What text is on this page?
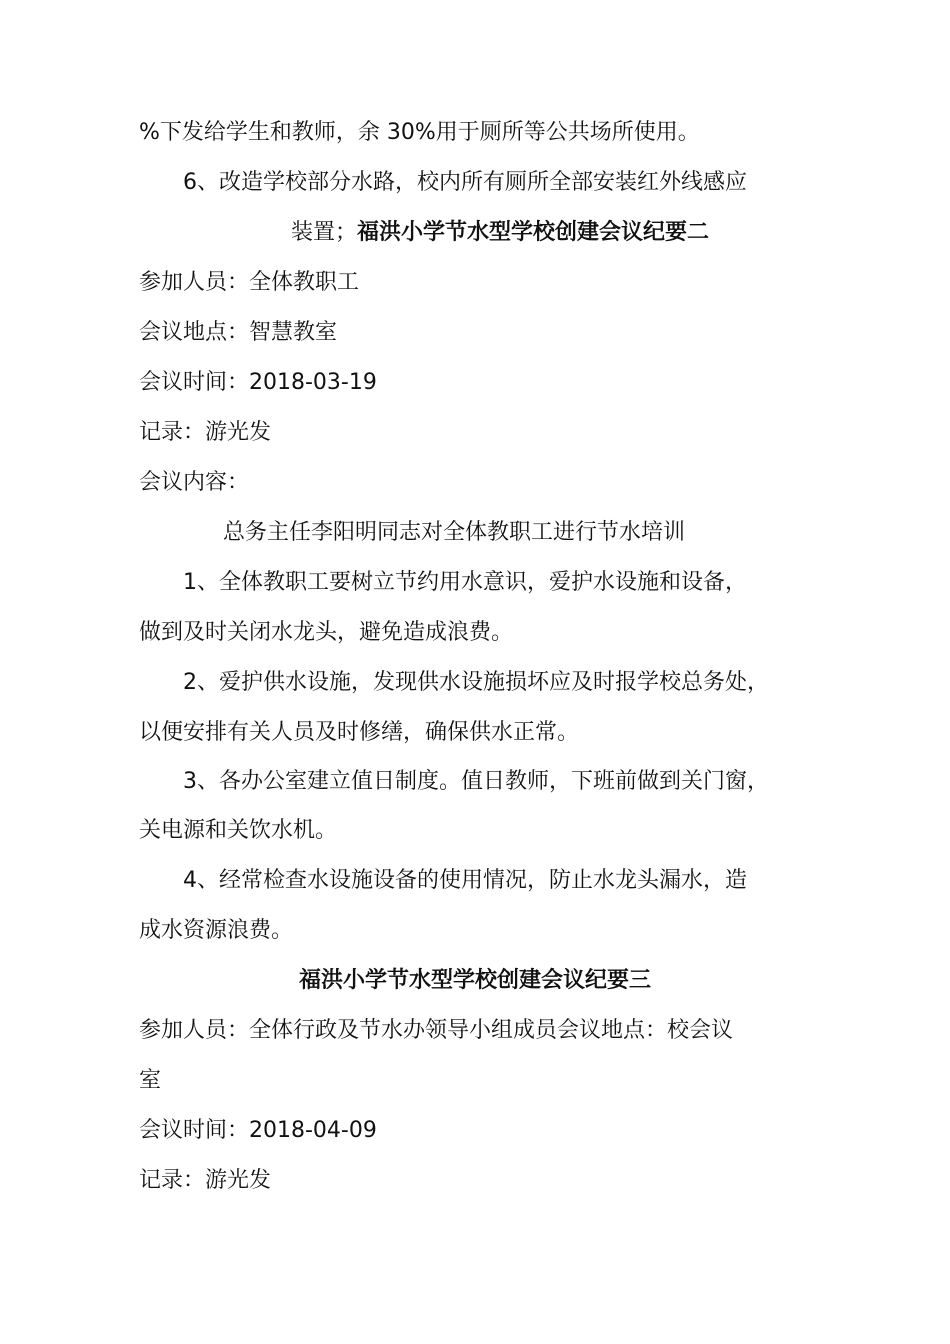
%下发给学生和教师，余 30%用于厕所等公共场所使用。
6、改造学校部分水路，校内所有厕所全部安装红外线感应
装置；福洪小学节水型学校创建会议纪要二
参加人员：全体教职工
会议地点：智慧教室
会议时间：2018-03-19
记录：游光发
会议内容：
总务主任李阳明同志对全体教职工进行节水培训
1、全体教职工要树立节约用水意识，爱护水设施和设备，
做到及时关闭水龙头，避免造成浪费。
2、爱护供水设施，发现供水设施损坏应及时报学校总务处，
以便安排有关人员及时修缮，确保供水正常。
3、各办公室建立值日制度。值日教师，下班前做到关门窗，
关电源和关饮水机。
4、经常检查水设施设备的使用情况，防止水龙头漏水，造
成水资源浪费。
福洪小学节水型学校创建会议纪要三
参加人员：全体行政及节水办领导小组成员会议地点：校会议
室
会议时间：2018-04-09
记录：游光发
